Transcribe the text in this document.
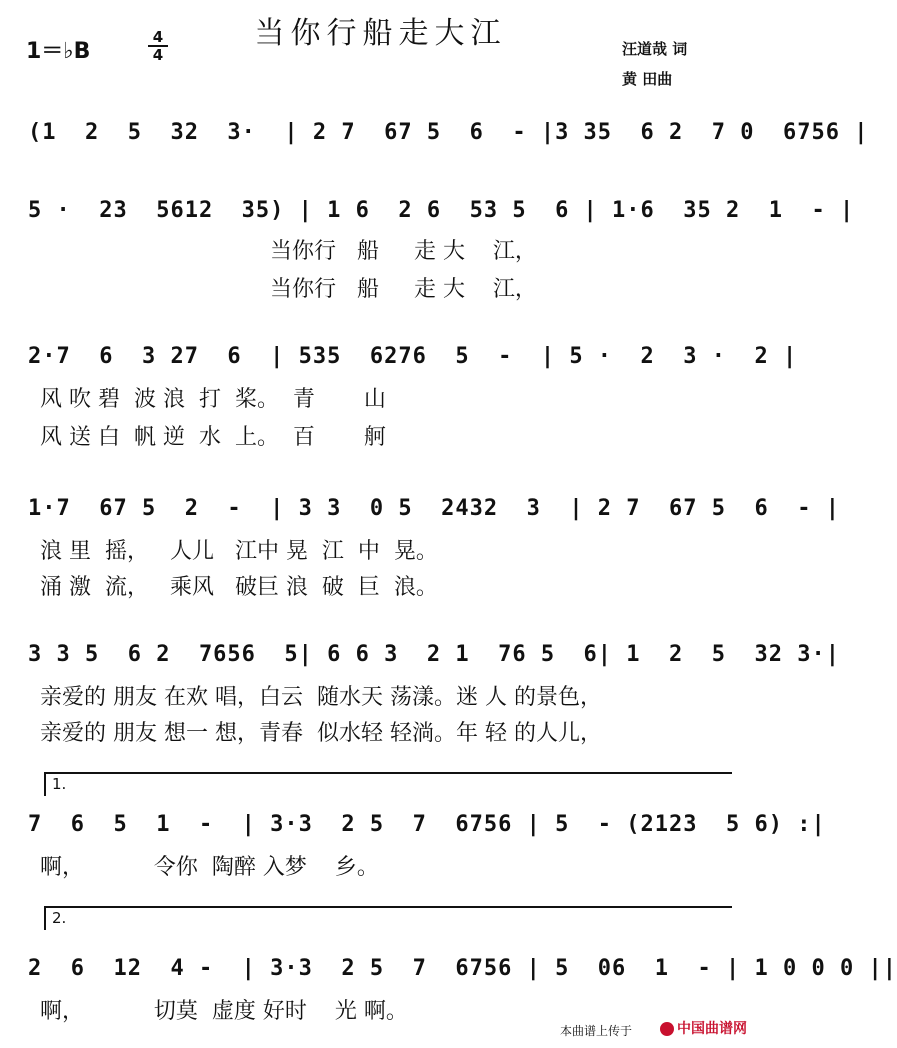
当你行船走大江
1＝♭B
4
4	汪道哉 词
黄 田曲

(1  2  5  32  3·  | 2 7  67 5  6  - |3 35  6 2  7 0  6756 |

5 ·  23  5612  35) | 1 6  2 6  53 5  6 | 1·6  35 2  1  - |

当你行   船     走 大    江，

当你行   船     走 大    江，

2·7  6  3 27  6  | 535  6276  5  -  | 5 ·  2  3 ·  2 |

风 吹 碧  波 浪  打  桨。  青       山

风 送 白  帆 逆  水  上。  百       舸

1·7  67 5  2  -  | 3 3  0 5  2432  3  | 2 7  67 5  6  - |

浪 里  摇，   人儿   江中 晃  江  中  晃。

涌 激  流，   乘风   破巨 浪  破  巨  浪。

3 3 5  6 2  7656  5| 6 6 3  2 1  76 5  6| 1  2  5  32 3·|

亲爱的 朋友 在欢 唱，白云  随水天 荡漾。迷 人 的景色，

亲爱的 朋友 想一 想，青春  似水轻 轻淌。年 轻 的人儿，

1.

7  6  5  1  -  | 3·3  2 5  7  6756 | 5  - (2123  5 6) :|

啊，          令你  陶醉 入梦    乡。

2.

2  6  12  4 -  | 3·3  2 5  7  6756 | 5  06  1  - | 1 0 0 0 ||

啊，          切莫  虚度 好时    光 啊。

本曲谱上传于	中国曲谱网
